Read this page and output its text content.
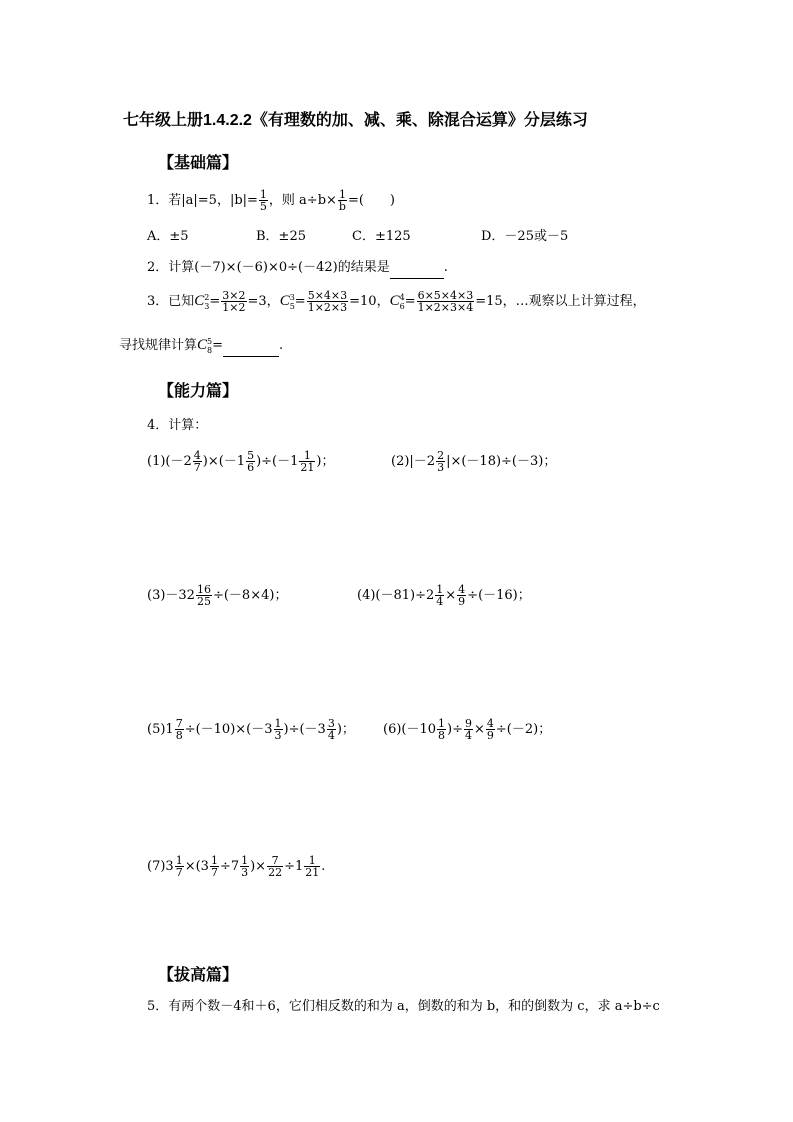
七年级上册1.4.2.2《有理数的加、减、乘、除混合运算》分层练习
【基础篇】
1．若|a|=5，$|b|= \frac{1}{5}$ ，则 $a\div b\times \frac{1}{b}$ =(　　)
A．±5	B．±25	C．±125	D．－25或－5
2．计算(－7)×(－6)×0÷(－42)的结果是	.
3．已知C 2
$3 = \frac{3\times 2}{1\times 2} =3$，C 3
$5 = \frac{5\times 4\times 3}{1\times 2\times 3} =10$，C 4
$6 = \frac{6\times 5\times 4\times 3}{1\times 2\times 3\times 4} =15$，…观察以上计算过程，
寻找规律计算C 5
8 =	.
【能力篇】
4．计算：
$(1)(-2 \frac{4}{7} )\times(-1 \frac{5}{6} )\div(-1 \frac{1}{21}$ )；	$(2)|-2 \frac{2}{3} |\times(-18)\div(-3)$；
$(3)-32 \frac{16}{25} \div(-8\times 4)$；	$(4)(-81)\div 2 \frac{1}{4} \times \frac{4}{9} \div(-16)$；
$(5)1 \frac{7}{8} \div(-10)\times(-3 \frac{1}{3} )\div(-3 \frac{3}{4}$ )； $(6)(-10 \frac{1}{8}$ )÷ $\frac{9}{4} \times \frac{4}{9} \div(-2)$；
$(7)3 \frac{1}{7} \times(3 \frac{1}{7} \div 7 \frac{1}{3}$ )× $\frac{7}{22} \div 1 \frac{1}{21}$ .
【拔高篇】
5．有两个数－4和＋6，它们相反数的和为 a，倒数的和为 b，和的倒数为 c，求 a÷b÷c
